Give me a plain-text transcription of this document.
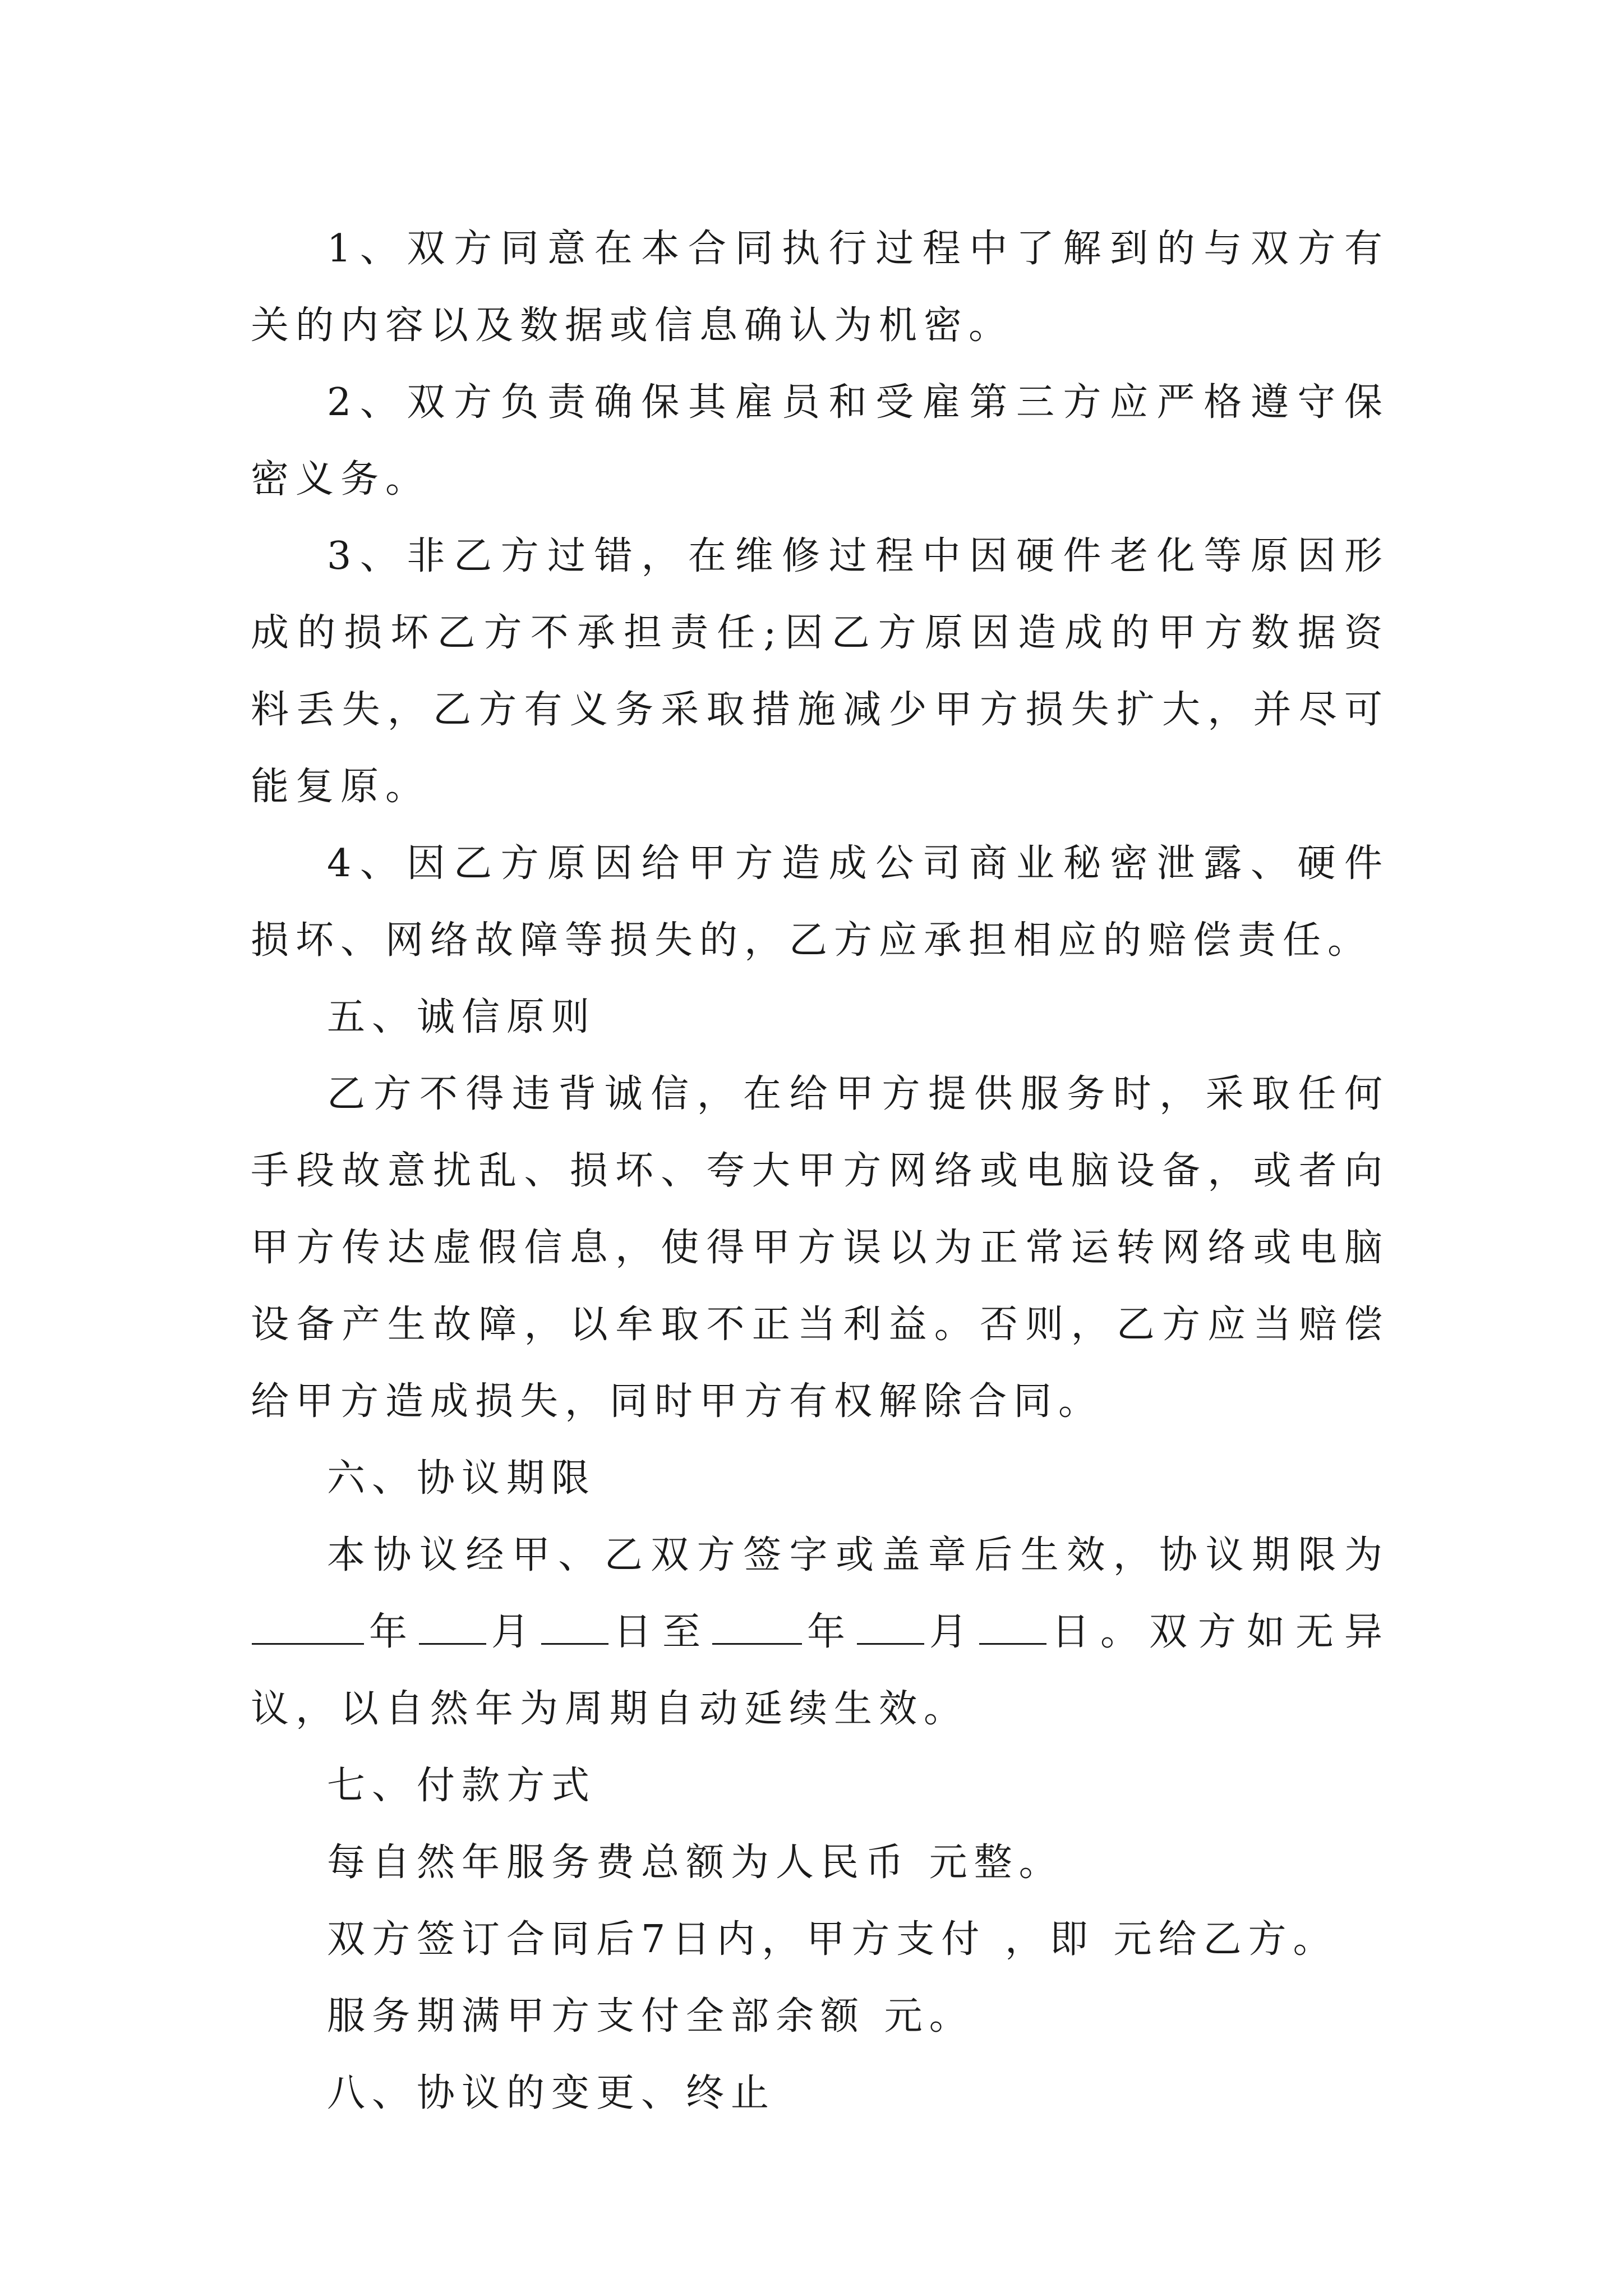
1、双方同意在本合同执行过程中了解到的与双方有关的内容以及数据或信息确认为机密。

2、双方负责确保其雇员和受雇第三方应严格遵守保密义务。

3、非乙方过错，在维修过程中因硬件老化等原因形成的损坏乙方不承担责任;因乙方原因造成的甲方数据资料丢失，乙方有义务采取措施减少甲方损失扩大，并尽可能复原。

4、因乙方原因给甲方造成公司商业秘密泄露、硬件损坏、网络故障等损失的，乙方应承担相应的赔偿责任。

五、诚信原则

乙方不得违背诚信，在给甲方提供服务时，采取任何手段故意扰乱、损坏、夸大甲方网络或电脑设备，或者向甲方传达虚假信息，使得甲方误以为正常运转网络或电脑设备产生故障，以牟取不正当利益。否则，乙方应当赔偿给甲方造成损失，同时甲方有权解除合同。

六、协议期限

本协议经甲、乙双方签字或盖章后生效，协议期限为年 月 日至 年 月 日。双方如无异议，以自然年为周期自动延续生效。

七、付款方式

每自然年服务费总额为人民币 元整。

双方签订合同后7日内，甲方支付 ，即 元给乙方。

服务期满甲方支付全部余额 元。

八、协议的变更、终止
